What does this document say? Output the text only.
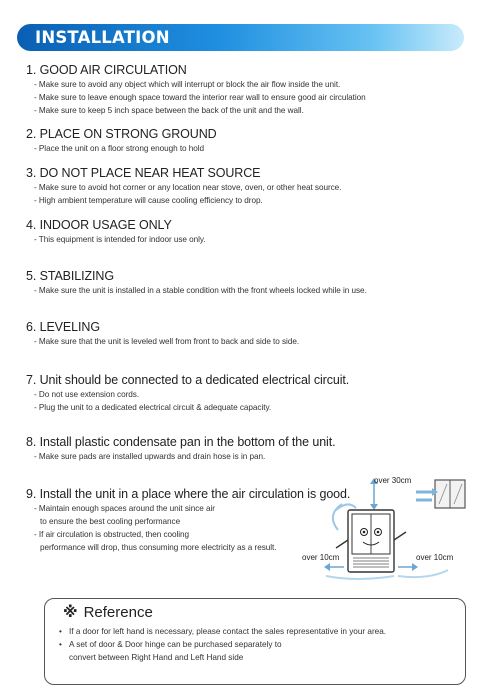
INSTALLATION
1. GOOD AIR CIRCULATION
- Make sure to avoid any object which will interrupt or block the air flow inside the unit.
- Make sure to leave enough space toward the interior rear wall to ensure good air circulation
- Make sure to keep 5 inch space between the back of the unit and the wall.
2. PLACE ON STRONG GROUND
- Place the unit on a floor strong enough to hold
3. DO NOT PLACE NEAR HEAT SOURCE
- Make sure to avoid hot corner or any location near stove, oven, or other heat source.
- High ambient temperature will cause cooling efficiency to drop.
4. INDOOR USAGE ONLY
- This equipment is intended for indoor use only.
5. STABILIZING
- Make sure the unit is installed in a stable condition with the front wheels locked while in use.
6. LEVELING
- Make sure that the unit is leveled well from front to back and side to side.
7. Unit should be connected to a dedicated electrical circuit.
- Do not use extension cords.
- Plug the unit to a dedicated electrical circuit & adequate capacity.
8. Install plastic condensate pan in the bottom of the unit.
- Make sure pads are installed upwards and drain hose is in pan.
9. Install the unit in a place where the air circulation is good.
- Maintain enough spaces around the unit since air
to ensure the best cooling performance
- If air circulation is obstructed, then cooling
performance will drop, thus consuming more electricity as a result.
over 30cm
over 10cm	over 10cm
※ Reference
• If a door for left hand is necessary, please contact the sales representative in your area.
• A set of door & Door hinge can be purchased separately to
convert between Right Hand and Left Hand side
